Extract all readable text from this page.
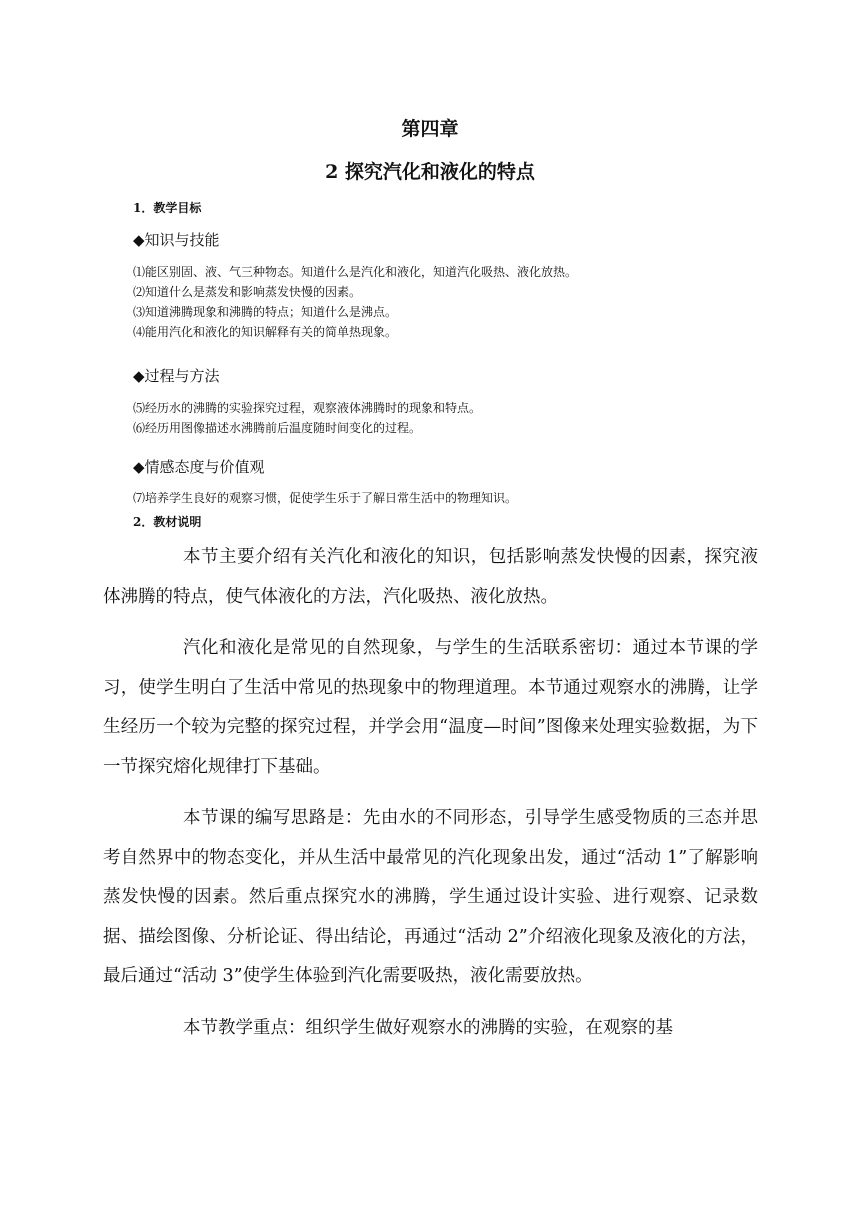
第四章
2 探究汽化和液化的特点
1．教学目标
◆知识与技能
⑴能区别固、液、气三种物态。知道什么是汽化和液化，知道汽化吸热、液化放热。
⑵知道什么是蒸发和影响蒸发快慢的因素。
⑶知道沸腾现象和沸腾的特点；知道什么是沸点。
⑷能用汽化和液化的知识解释有关的简单热现象。
◆过程与方法
⑸经历水的沸腾的实验探究过程，观察液体沸腾时的现象和特点。
⑹经历用图像描述水沸腾前后温度随时间变化的过程。
◆情感态度与价值观
⑺培养学生良好的观察习惯，促使学生乐于了解日常生活中的物理知识。
2．教材说明

本节主要介绍有关汽化和液化的知识，包括影响蒸发快慢的因素，探究液体沸腾的特点，使气体液化的方法，汽化吸热、液化放热。

汽化和液化是常见的自然现象，与学生的生活联系密切：通过本节课的学习，使学生明白了生活中常见的热现象中的物理道理。本节通过观察水的沸腾，让学生经历一个较为完整的探究过程，并学会用“温度—时间”图像来处理实验数据，为下一节探究熔化规律打下基础。

本节课的编写思路是：先由水的不同形态，引导学生感受物质的三态并思考自然界中的物态变化，并从生活中最常见的汽化现象出发，通过“活动 1”了解影响蒸发快慢的因素。然后重点探究水的沸腾，学生通过设计实验、进行观察、记录数据、描绘图像、分析论证、得出结论，再通过“活动 2”介绍液化现象及液化的方法，最后通过“活动 3”使学生体验到汽化需要吸热，液化需要放热。

本节教学重点：组织学生做好观察水的沸腾的实验，在观察的基
